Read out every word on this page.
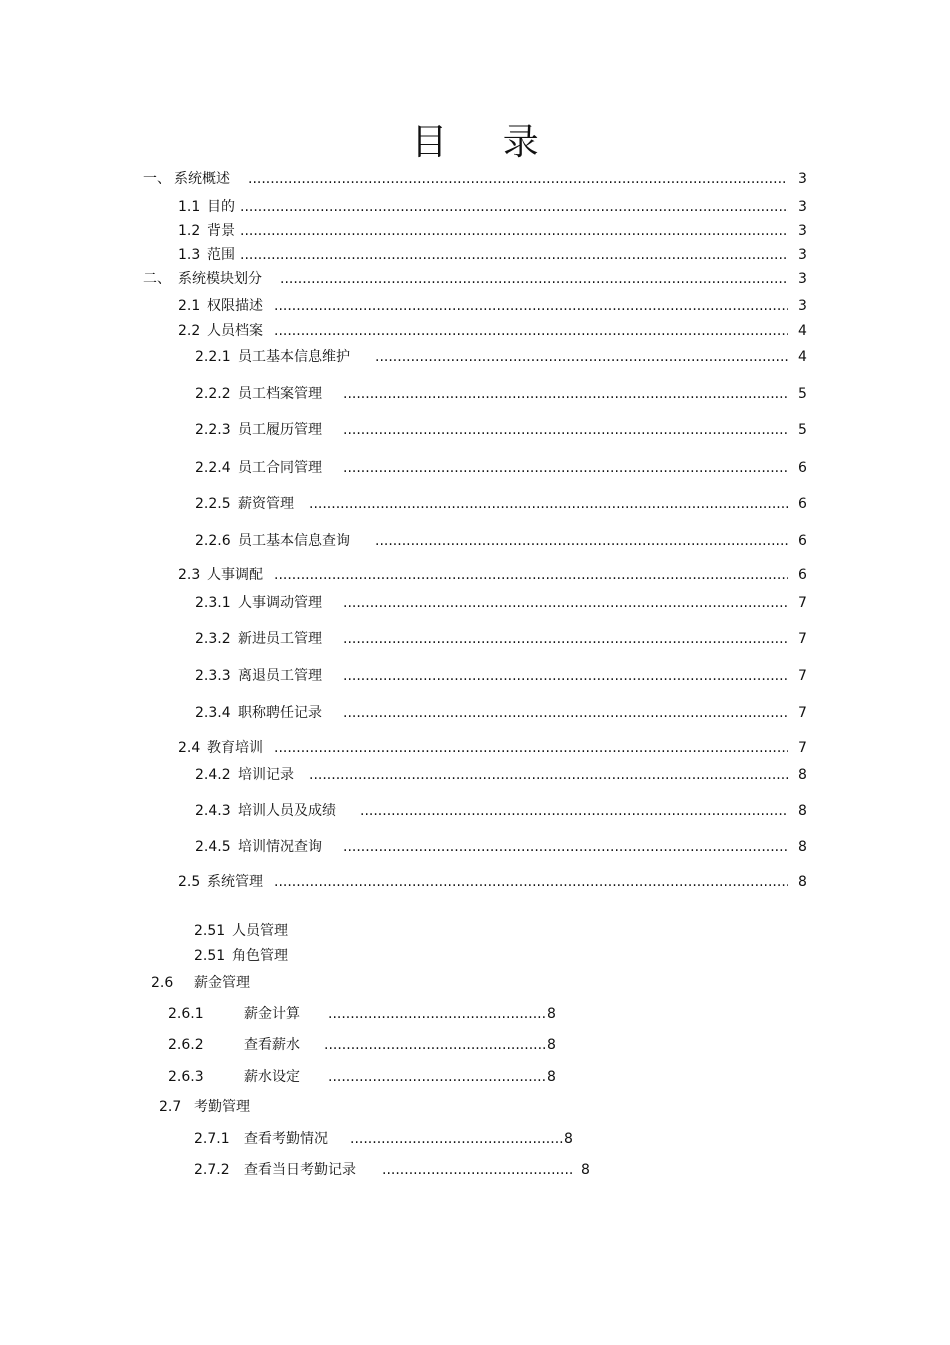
目 录
一、 系统概述 .....	3
1.1 目的 .....	3
1.2 背景 .....	3
1.3 范围 .....	3
二、 系统模块划分 .....	3
2.1 权限描述 .....	3
2.2 人员档案 .....	4
2.2.1 员工基本信息维护 .....	4
2.2.2 员工档案管理 .....	5
2.2.3 员工履历管理 .....	5
2.2.4 员工合同管理 .....	6
2.2.5 薪资管理 .....	6
2.2.6 员工基本信息查询 .....	6
2.3 人事调配 .....	6
2.3.1 人事调动管理 .....	7
2.3.2 新进员工管理 .....	7
2.3.3 离退员工管理 .....	7
2.3.4 职称聘任记录 .....	7
2.4 教育培训 .....	7
2.4.2 培训记录 .....	8
2.4.3 培训人员及成绩 .....	8
2.4.5 培训情况查询 .....	8
2.5 系统管理 .....	8
2.51 人员管理
2.51 角色管理
2.6 薪金管理
2.6.1	薪金计算 .....	8
2.6.2	查看薪水 .....	8
2.6.3	薪水设定 .....	8
2.7 考勤管理
2.7.1 查看考勤情况 .....	8
2.7.2 查看当日考勤记录 .....	8
